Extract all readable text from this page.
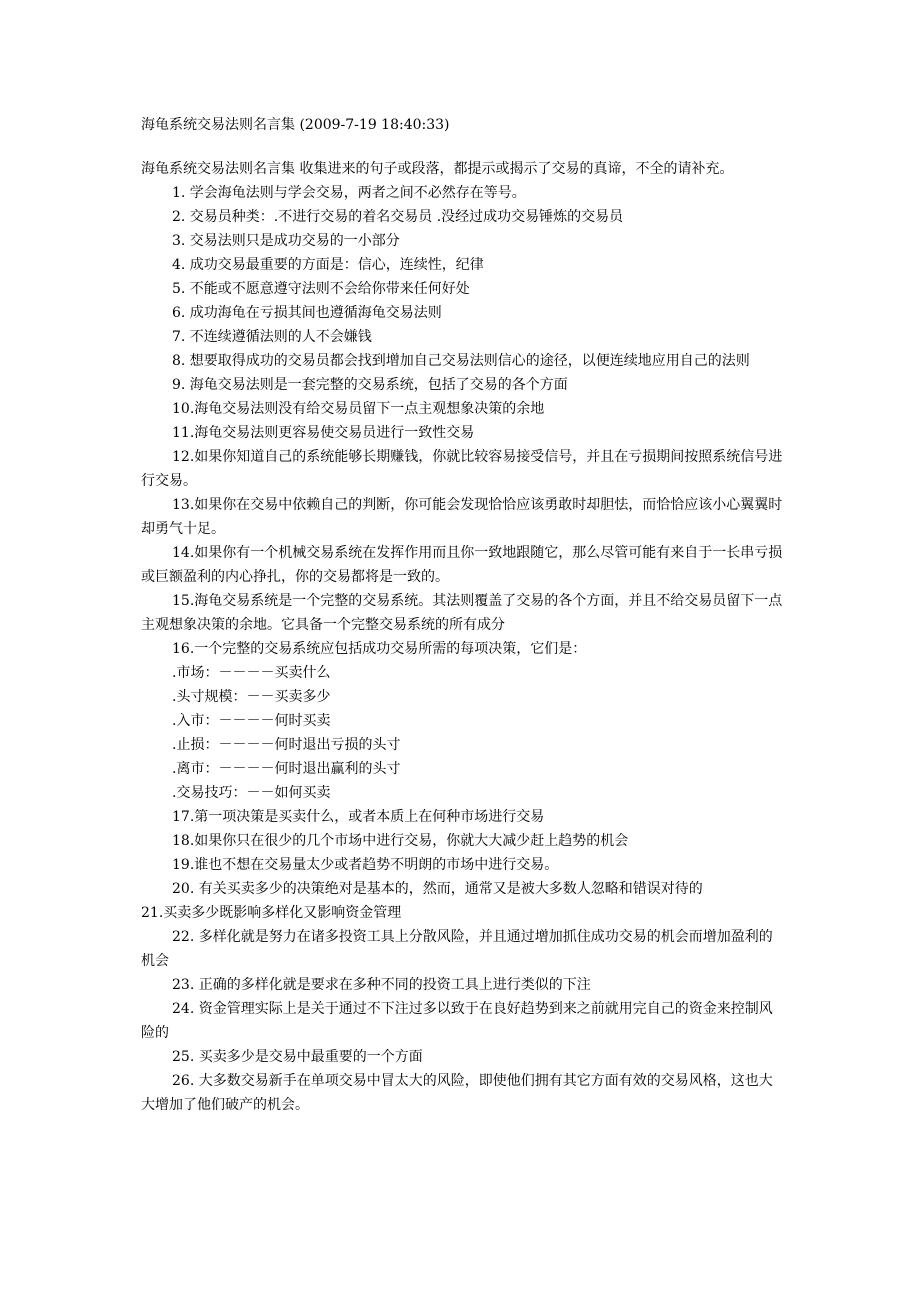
海龟系统交易法则名言集 (2009-7-19 18:40:33)

海龟系统交易法则名言集 收集进来的句子或段落，都提示或揭示了交易的真谛，不全的请补充。

1. 学会海龟法则与学会交易，两者之间不必然存在等号。

2. 交易员种类：.不进行交易的着名交易员 .没经过成功交易锤炼的交易员

3. 交易法则只是成功交易的一小部分

4. 成功交易最重要的方面是：信心，连续性，纪律

5. 不能或不愿意遵守法则不会给你带来任何好处

6. 成功海龟在亏损其间也遵循海龟交易法则

7. 不连续遵循法则的人不会嫌钱

8. 想要取得成功的交易员都会找到增加自己交易法则信心的途径，以便连续地应用自己的法则

9. 海龟交易法则是一套完整的交易系统，包括了交易的各个方面

10.海龟交易法则没有给交易员留下一点主观想象决策的余地

11.海龟交易法则更容易使交易员进行一致性交易

12.如果你知道自己的系统能够长期赚钱，你就比较容易接受信号，并且在亏损期间按照系统信号进行交易。

13.如果你在交易中依赖自己的判断，你可能会发现恰恰应该勇敢时却胆怯，而恰恰应该小心翼翼时却勇气十足。

14.如果你有一个机械交易系统在发挥作用而且你一致地跟随它，那么尽管可能有来自于一长串亏损或巨额盈利的内心挣扎，你的交易都将是一致的。

15.海龟交易系统是一个完整的交易系统。其法则覆盖了交易的各个方面，并且不给交易员留下一点主观想象决策的余地。它具备一个完整交易系统的所有成分

16.一个完整的交易系统应包括成功交易所需的每项决策，它们是：

.市场：－－－－买卖什么

.头寸规模：－－买卖多少

.入市：－－－－何时买卖

.止损：－－－－何时退出亏损的头寸

.离市：－－－－何时退出赢利的头寸

.交易技巧：－－如何买卖

17.第一项决策是买卖什么，或者本质上在何种市场进行交易

18.如果你只在很少的几个市场中进行交易，你就大大减少赶上趋势的机会

19.谁也不想在交易量太少或者趋势不明朗的市场中进行交易。

20. 有关买卖多少的决策绝对是基本的，然而，通常又是被大多数人忽略和错误对待的

21.买卖多少既影响多样化又影响资金管理

22. 多样化就是努力在诸多投资工具上分散风险，并且通过增加抓住成功交易的机会而增加盈利的机会

23. 正确的多样化就是要求在多种不同的投资工具上进行类似的下注

24. 资金管理实际上是关于通过不下注过多以致于在良好趋势到来之前就用完自己的资金来控制风险的

25. 买卖多少是交易中最重要的一个方面

26. 大多数交易新手在单项交易中冒太大的风险，即使他们拥有其它方面有效的交易风格，这也大大增加了他们破产的机会。
